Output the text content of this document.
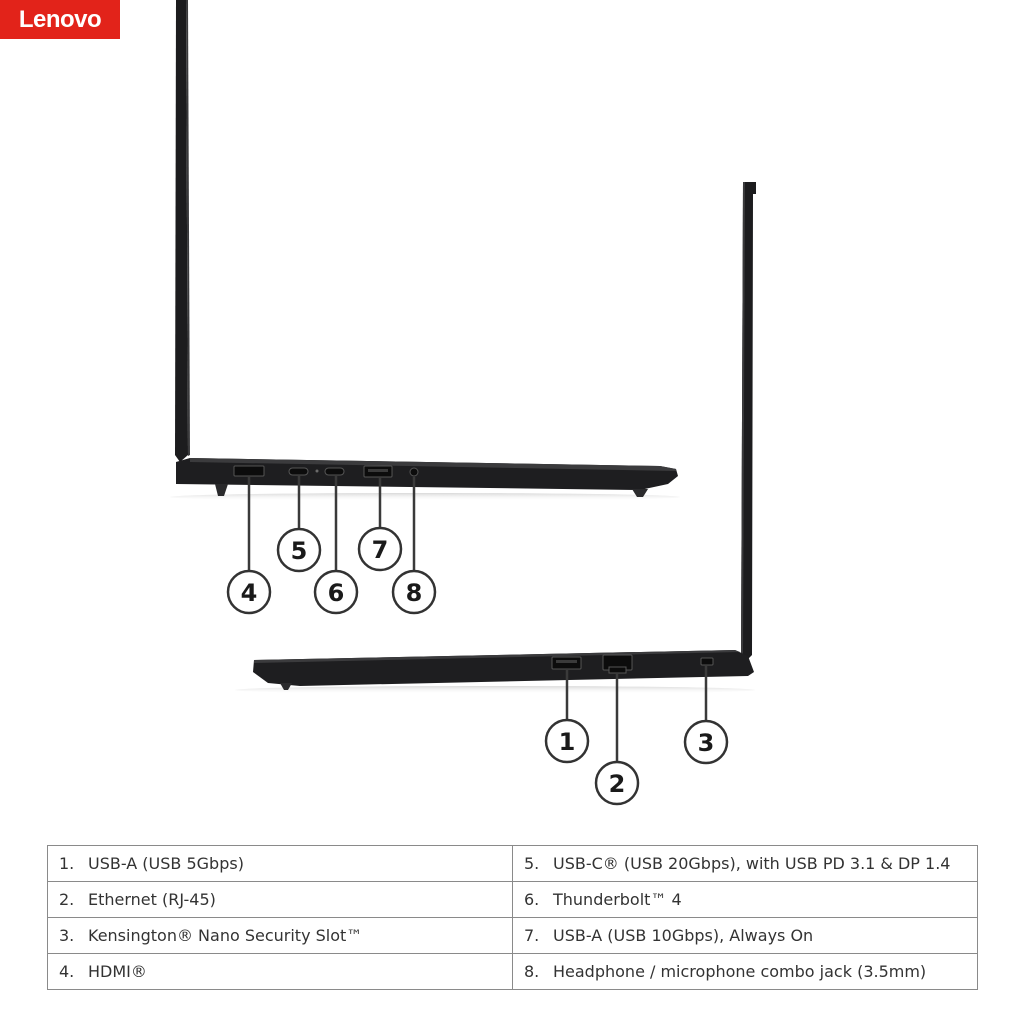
Lenovo
4
5
6
7
8
1
2
3
1. USB-A (USB 5Gbps)	5. USB-C® (USB 20Gbps), with USB PD 3.1 & DP 1.4
2. Ethernet (RJ-45)	6. Thunderbolt™ 4
3. Kensington® Nano Security Slot™	7. USB-A (USB 10Gbps), Always On
4. HDMI®	8. Headphone / microphone combo jack (3.5mm)
